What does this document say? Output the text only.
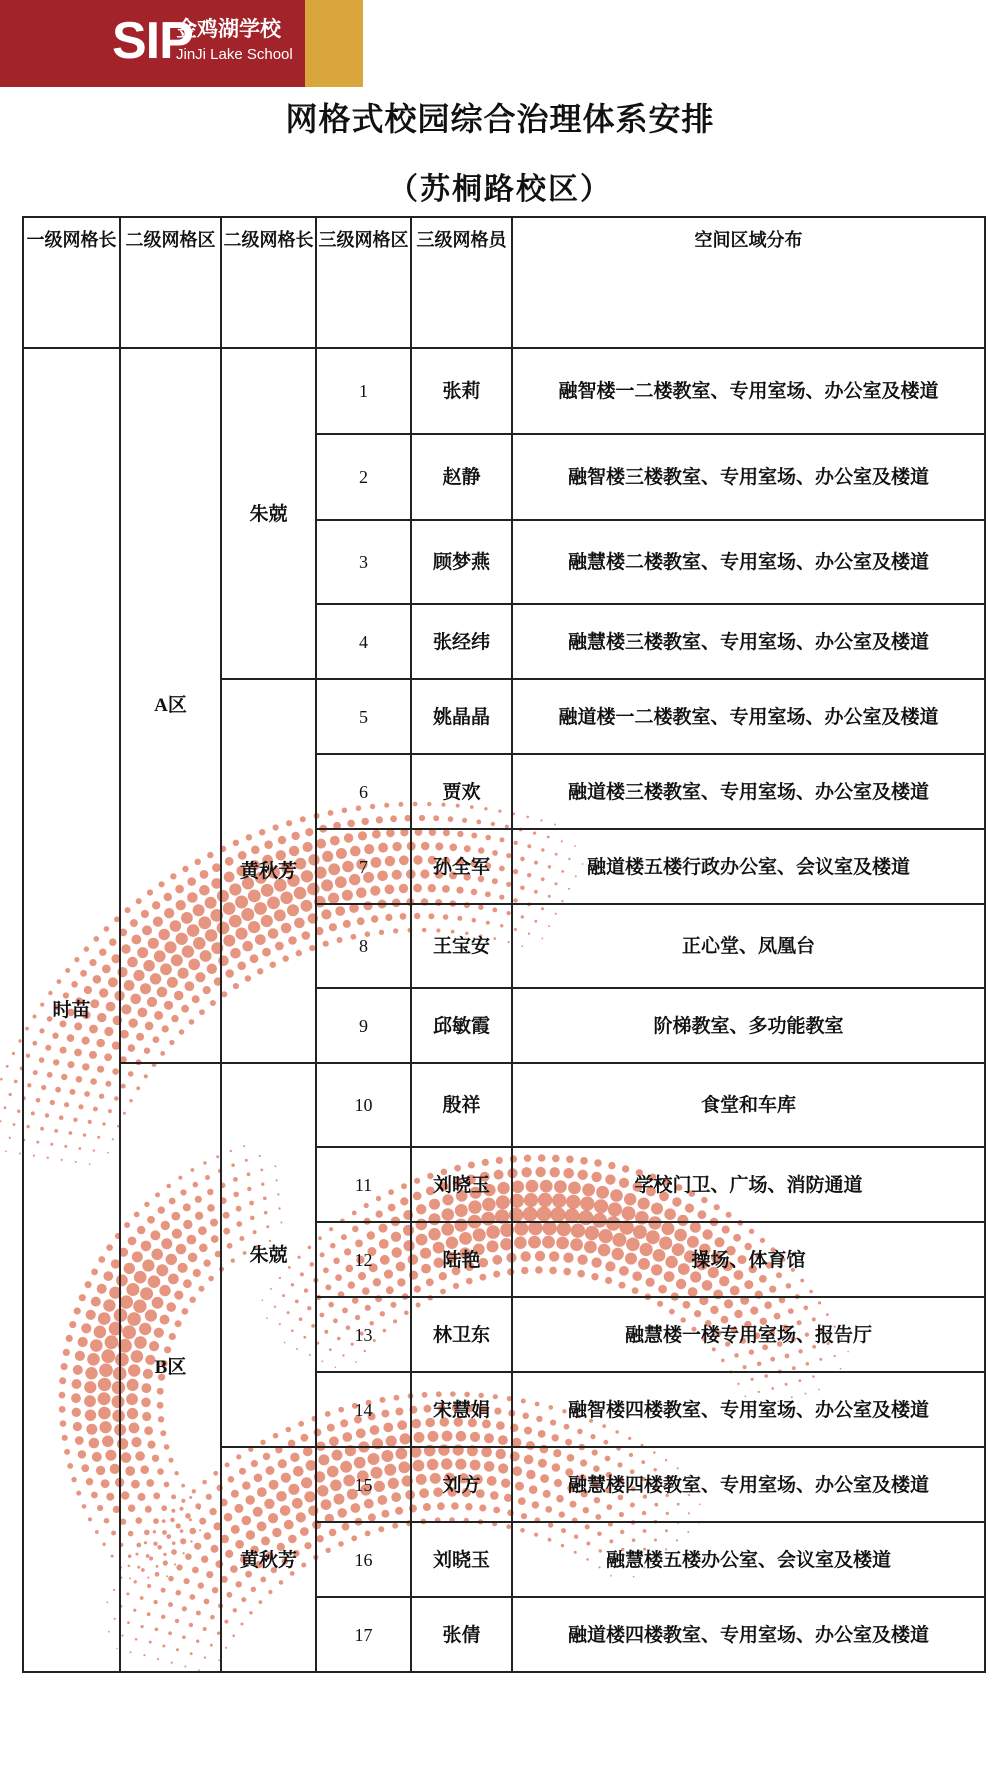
SIP
金鸡湖学校
JinJi Lake School
网格式校园综合治理体系安排
（苏桐路校区）
一级网格长	二级网格区	二级网格长	三级网格区	三级网格员	空间区域分布
时苗	A区	朱兢	1	张莉	融智楼一二楼教室、专用室场、办公室及楼道
			2	赵静	融智楼三楼教室、专用室场、办公室及楼道
			3	顾梦燕	融慧楼二楼教室、专用室场、办公室及楼道
			4	张经纬	融慧楼三楼教室、专用室场、办公室及楼道
		黄秋芳	5	姚晶晶	融道楼一二楼教室、专用室场、办公室及楼道
			6	贾欢	融道楼三楼教室、专用室场、办公室及楼道
			7	孙全军	融道楼五楼行政办公室、会议室及楼道
			8	王宝安	正心堂、凤凰台
			9	邱敏霞	阶梯教室、多功能教室
	B区	朱兢	10	殷祥	食堂和车库
			11	刘晓玉	学校门卫、广场、消防通道
			12	陆艳	操场、体育馆
			13	林卫东	融慧楼一楼专用室场、报告厅
			14	宋慧娟	融智楼四楼教室、专用室场、办公室及楼道
		黄秋芳	15	刘方	融慧楼四楼教室、专用室场、办公室及楼道
			16	刘晓玉	融慧楼五楼办公室、会议室及楼道
			17	张倩	融道楼四楼教室、专用室场、办公室及楼道
